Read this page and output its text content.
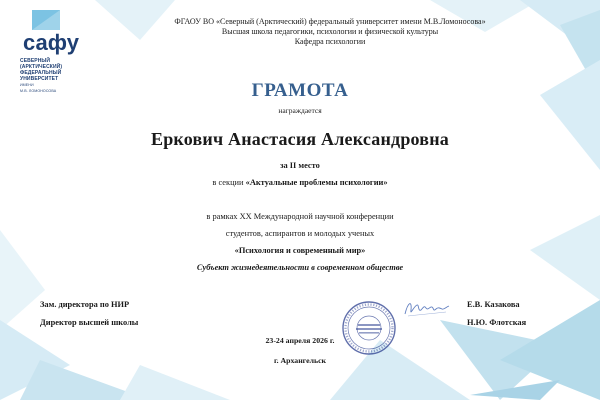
сафу
СЕВЕРНЫЙ
(АРКТИЧЕСКИЙ)
ФЕДЕРАЛЬНЫЙ
УНИВЕРСИТЕТ
ИМЕНИ
М.В. ЛОМОНОСОВА
ФГАОУ ВО «Северный (Арктический) федеральный университет имени М.В.Ломоносова»
Высшая школа педагогики, психологии и физической культуры
Кафедра психологии
ГРАМОТА
награждается
Еркович Анастасия Александровна
за II место
в секции «Актуальные проблемы психологии»
в рамках XX Международной научной конференции
студентов, аспирантов и молодых ученых
«Психология и современный мир»
Субъект жизнедеятельности в современном обществе
Зам. директора по НИР
Директор высшей школы
Е.В. Казакова
Н.Ю. Флотская
23-24 апреля 2026 г.
г. Архангельск
